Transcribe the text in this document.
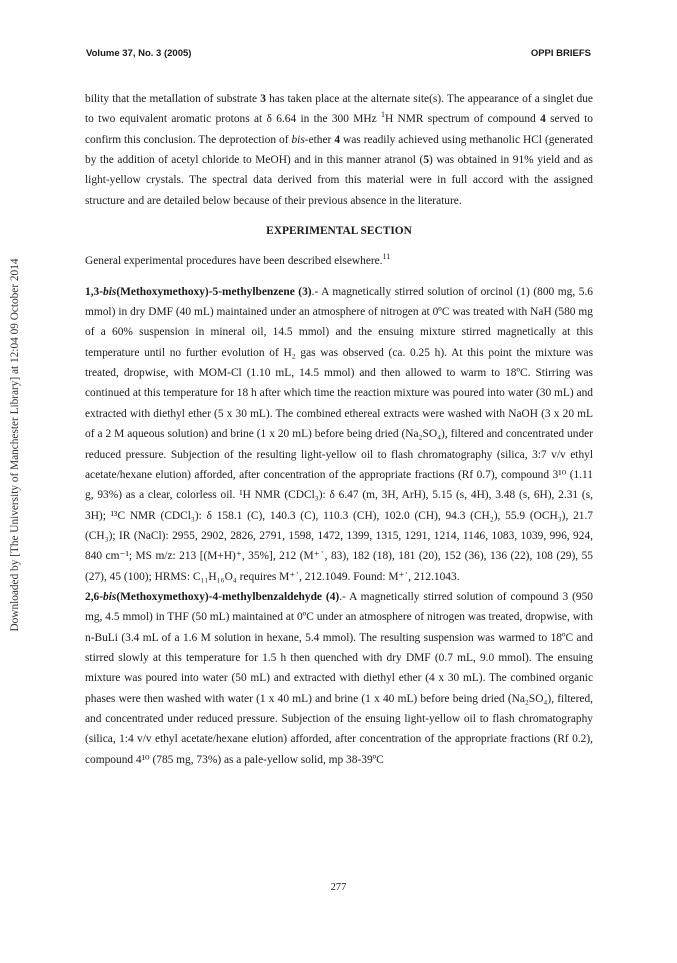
Downloaded by [The University of Manchester Library] at 12:04 09 October 2014
Volume 37, No. 3 (2005)	OPPI BRIEFS

bility that the metallation of substrate 3 has taken place at the alternate site(s). The appearance of a singlet due to two equivalent aromatic protons at δ 6.64 in the 300 MHz $^1$H NMR spectrum of compound 4 served to confirm this conclusion. The deprotection of bis-ether 4 was readily achieved using methanolic HCl (generated by the addition of acetyl chloride to MeOH) and in this manner atranol (5) was obtained in 91% yield and as light-yellow crystals. The spectral data derived from this material were in full accord with the assigned structure and are detailed below because of their previous absence in the literature.

EXPERIMENTAL SECTION

General experimental procedures have been described elsewhere.$^{11}$

1,3-bis(Methoxymethoxy)-5-methylbenzene (3).- A magnetically stirred solution of orcinol (1) (800 mg, 5.6 mmol) in dry DMF (40 mL) maintained under an atmosphere of nitrogen at 0ºC was treated with NaH (580 mg of a 60% suspension in mineral oil, 14.5 mmol) and the ensuing mixture stirred magnetically at this temperature until no further evolution of H₂ gas was observed (ca. 0.25 h). At this point the mixture was treated, dropwise, with MOM-Cl (1.10 mL, 14.5 mmol) and then allowed to warm to 18ºC. Stirring was continued at this temperature for 18 h after which time the reaction mixture was poured into water (30 mL) and extracted with diethyl ether (5 x 30 mL). The combined ethereal extracts were washed with NaOH (3 x 20 mL of a 2 M aqueous solution) and brine (1 x 20 mL) before being dried (Na₂SO₄), filtered and concentrated under reduced pressure. Subjection of the resulting light-yellow oil to flash chromatography (silica, 3:7 v/v ethyl acetate/hexane elution) afforded, after concentration of the appropriate fractions (Rf 0.7), compound 3¹⁰ (1.11 g, 93%) as a clear, colorless oil. ¹H NMR (CDCl₃): δ 6.47 (m, 3H, ArH), 5.15 (s, 4H), 3.48 (s, 6H), 2.31 (s, 3H); ¹³C NMR (CDCl₃): δ 158.1 (C), 140.3 (C), 110.3 (CH), 102.0 (CH), 94.3 (CH₂), 55.9 (OCH₃), 21.7 (CH₃); IR (NaCl): 2955, 2902, 2826, 2791, 1598, 1472, 1399, 1315, 1291, 1214, 1146, 1083, 1039, 996, 924, 840 cm⁻¹; MS m/z: 213 [(M+H)⁺, 35%], 212 (M⁺˙, 83), 182 (18), 181 (20), 152 (36), 136 (22), 108 (29), 55 (27), 45 (100); HRMS: C₁₁H₁₆O₄ requires M⁺˙, 212.1049. Found: M⁺˙, 212.1043.

2,6-bis(Methoxymethoxy)-4-methylbenzaldehyde (4).- A magnetically stirred solution of compound 3 (950 mg, 4.5 mmol) in THF (50 mL) maintained at 0ºC under an atmosphere of nitrogen was treated, dropwise, with n-BuLi (3.4 mL of a 1.6 M solution in hexane, 5.4 mmol). The resulting suspension was warmed to 18ºC and stirred slowly at this temperature for 1.5 h then quenched with dry DMF (0.7 mL, 9.0 mmol). The ensuing mixture was poured into water (50 mL) and extracted with diethyl ether (4 x 30 mL). The combined organic phases were then washed with water (1 x 40 mL) and brine (1 x 40 mL) before being dried (Na₂SO₄), filtered, and concentrated under reduced pressure. Subjection of the ensuing light-yellow oil to flash chromatography (silica, 1:4 v/v ethyl acetate/hexane elution) afforded, after concentration of the appropriate fractions (Rf 0.2), compound 4¹⁰ (785 mg, 73%) as a pale-yellow solid, mp 38-39ºC

277
